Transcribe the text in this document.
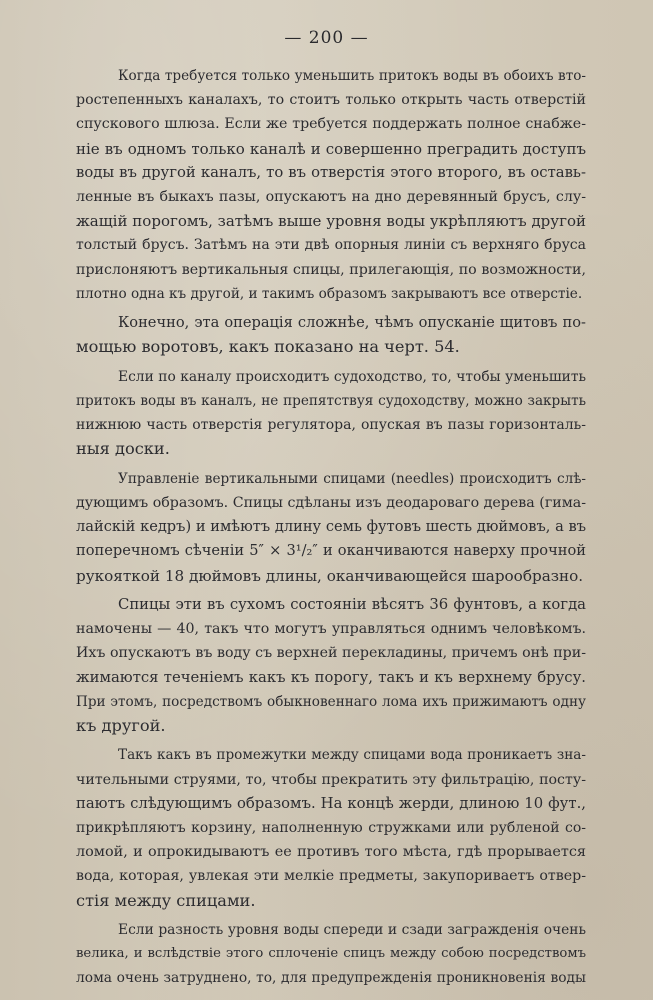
— 200 —
Когда требуется только уменьшить притокъ воды въ обоихъ вто-
ростепенныхъ каналахъ, то стоитъ только открыть часть отверстій
спускового шлюза. Если же требуется поддержать полное снабже-
ніе въ одномъ только каналѣ и совершенно преградить доступъ
воды въ другой каналъ, то въ отверстія этого второго, въ оставь-
ленные въ быкахъ пазы, опускаютъ на дно деревянный брусъ, слу-
жащій порогомъ, затѣмъ выше уровня воды укрѣпляютъ другой
толстый брусъ. Затѣмъ на эти двѣ опорныя линіи съ верхняго бруса
прислоняютъ вертикальныя спицы, прилегающія, по возможности,
плотно одна къ другой, и такимъ образомъ закрываютъ все отверстіе.
Конечно, эта операція сложнѣе, чѣмъ опусканіе щитовъ по-
мощью воротовъ, какъ показано на черт. 54.
Если по каналу происходитъ судоходство, то, чтобы уменьшить
притокъ воды въ каналъ, не препятствуя судоходству, можно закрыть
нижнюю часть отверстія регулятора, опуская въ пазы горизонталь-
ныя доски.
Управленіе вертикальными спицами (needles) происходитъ слѣ-
дующимъ образомъ. Спицы сдѣланы изъ деодароваго дерева (гима-
лайскій кедръ) и имѣютъ длину семь футовъ шесть дюймовъ, а въ
поперечномъ сѣченіи 5″ × 3¹/₂″ и оканчиваются наверху прочной
рукояткой 18 дюймовъ длины, оканчивающейся шарообразно.
Спицы эти въ сухомъ состояніи вѣсятъ 36 фунтовъ, а когда
намочены — 40, такъ что могутъ управляться однимъ человѣкомъ.
Ихъ опускаютъ въ воду съ верхней перекладины, причемъ онѣ при-
жимаются теченіемъ какъ къ порогу, такъ и къ верхнему брусу.
При этомъ, посредствомъ обыкновеннаго лома ихъ прижимаютъ одну
къ другой.
Такъ какъ въ промежутки между спицами вода проникаетъ зна-
чительными струями, то, чтобы прекратить эту фильтрацію, посту-
паютъ слѣдующимъ образомъ. На концѣ жерди, длиною 10 фут.,
прикрѣпляютъ корзину, наполненную стружками или рубленой со-
ломой, и опрокидываютъ ее противъ того мѣста, гдѣ прорывается
вода, которая, увлекая эти мелкіе предметы, закупориваетъ отвер-
стія между спицами.
Если разность уровня воды спереди и сзади загражденія очень
велика, и вслѣдствіе этого сплоченіе спицъ между собою посредствомъ
лома очень затруднено, то, для предупрежденія проникновенія воды
